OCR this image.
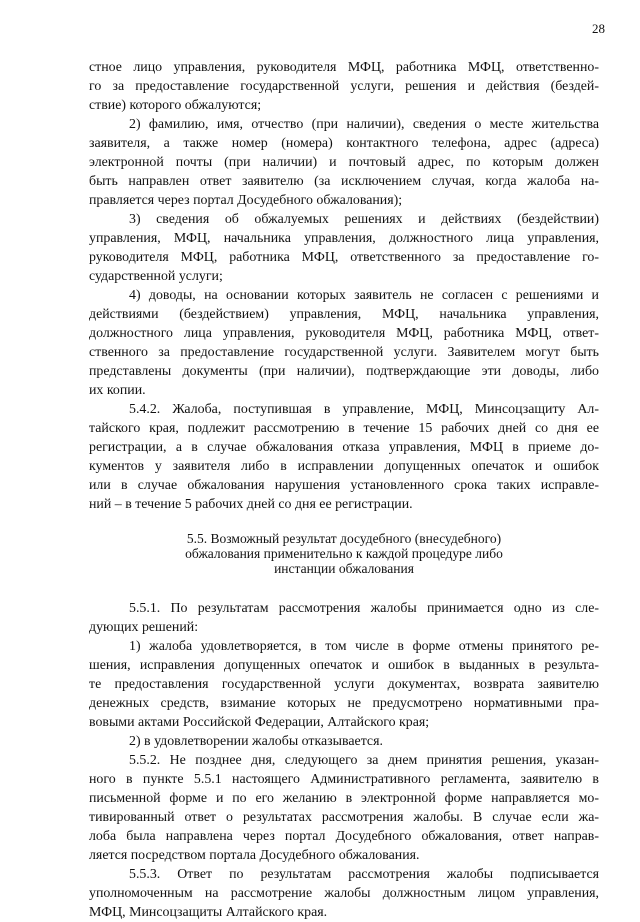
28
стное лицо управления, руководителя МФЦ, работника МФЦ, ответственно-
го за предоставление государственной услуги, решения и действия (бездей-
ствие) которого обжалуются;
2) фамилию, имя, отчество (при наличии), сведения о месте жительства
заявителя, а также номер (номера) контактного телефона, адрес (адреса)
электронной почты (при наличии) и почтовый адрес, по которым должен
быть направлен ответ заявителю (за исключением случая, когда жалоба на-
правляется через портал Досудебного обжалования);
3) сведения об обжалуемых решениях и действиях (бездействии)
управления, МФЦ, начальника управления, должностного лица управления,
руководителя МФЦ, работника МФЦ, ответственного за предоставление го-
сударственной услуги;
4) доводы, на основании которых заявитель не согласен с решениями и
действиями (бездействием) управления, МФЦ, начальника управления,
должностного лица управления, руководителя МФЦ, работника МФЦ, ответ-
ственного за предоставление государственной услуги. Заявителем могут быть
представлены документы (при наличии), подтверждающие эти доводы, либо
их копии.
5.4.2. Жалоба, поступившая в управление, МФЦ, Минсоцзащиту Ал-
тайского края, подлежит рассмотрению в течение 15 рабочих дней со дня ее
регистрации, а в случае обжалования отказа управления, МФЦ в приеме до-
кументов у заявителя либо в исправлении допущенных опечаток и ошибок
или в случае обжалования нарушения установленного срока таких исправле-
ний – в течение 5 рабочих дней со дня ее регистрации.
5.5. Возможный результат досудебного (внесудебного)
обжалования применительно к каждой процедуре либо
инстанции обжалования
5.5.1. По результатам рассмотрения жалобы принимается одно из сле-
дующих решений:
1) жалоба удовлетворяется, в том числе в форме отмены принятого ре-
шения, исправления допущенных опечаток и ошибок в выданных в результа-
те предоставления государственной услуги документах, возврата заявителю
денежных средств, взимание которых не предусмотрено нормативными пра-
вовыми актами Российской Федерации, Алтайского края;
2) в удовлетворении жалобы отказывается.
5.5.2. Не позднее дня, следующего за днем принятия решения, указан-
ного в пункте 5.5.1 настоящего Административного регламента, заявителю в
письменной форме и по его желанию в электронной форме направляется мо-
тивированный ответ о результатах рассмотрения жалобы. В случае если жа-
лоба была направлена через портал Досудебного обжалования, ответ направ-
ляется посредством портала Досудебного обжалования.
5.5.3. Ответ по результатам рассмотрения жалобы подписывается
уполномоченным на рассмотрение жалобы должностным лицом управления,
МФЦ, Минсоцзащиты Алтайского края.
